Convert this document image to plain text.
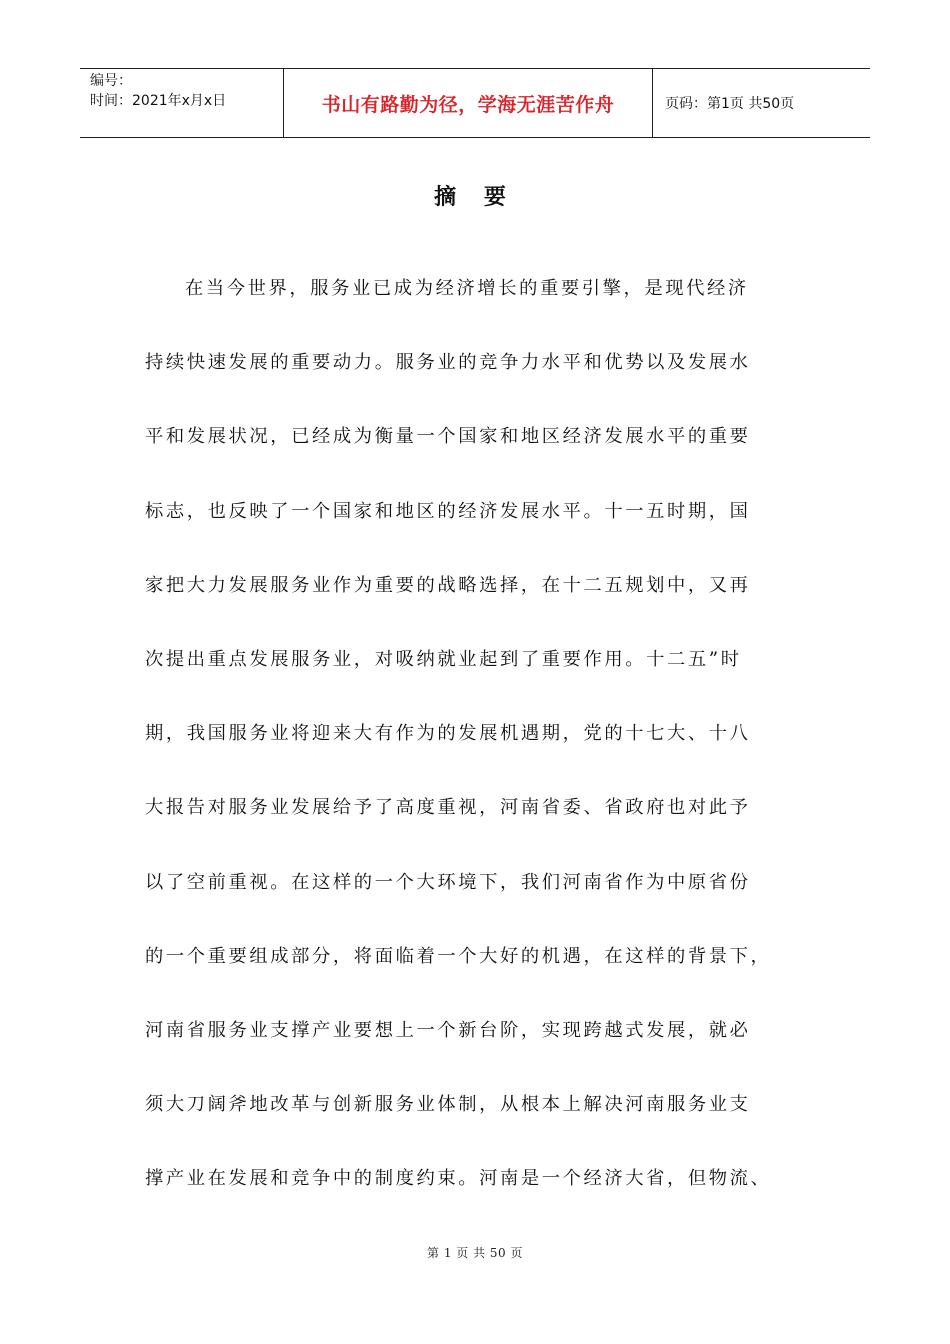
编号：
时间：2021年x月x日	书山有路勤为径，学海无涯苦作舟	页码：第1页 共50页
摘 要
在当今世界，服务业已成为经济增长的重要引擎，是现代经济
持续快速发展的重要动力。服务业的竞争力水平和优势以及发展水
平和发展状况，已经成为衡量一个国家和地区经济发展水平的重要
标志，也反映了一个国家和地区的经济发展水平。十一五时期，国
家把大力发展服务业作为重要的战略选择，在十二五规划中，又再
次提出重点发展服务业，对吸纳就业起到了重要作用。十二五”时
期，我国服务业将迎来大有作为的发展机遇期，党的十七大、十八
大报告对服务业发展给予了高度重视，河南省委、省政府也对此予
以了空前重视。在这样的一个大环境下，我们河南省作为中原省份
的一个重要组成部分，将面临着一个大好的机遇，在这样的背景下，
河南省服务业支撑产业要想上一个新台阶，实现跨越式发展，就必
须大刀阔斧地改革与创新服务业体制，从根本上解决河南服务业支
撑产业在发展和竞争中的制度约束。河南是一个经济大省，但物流、
第 1 页 共 50 页
